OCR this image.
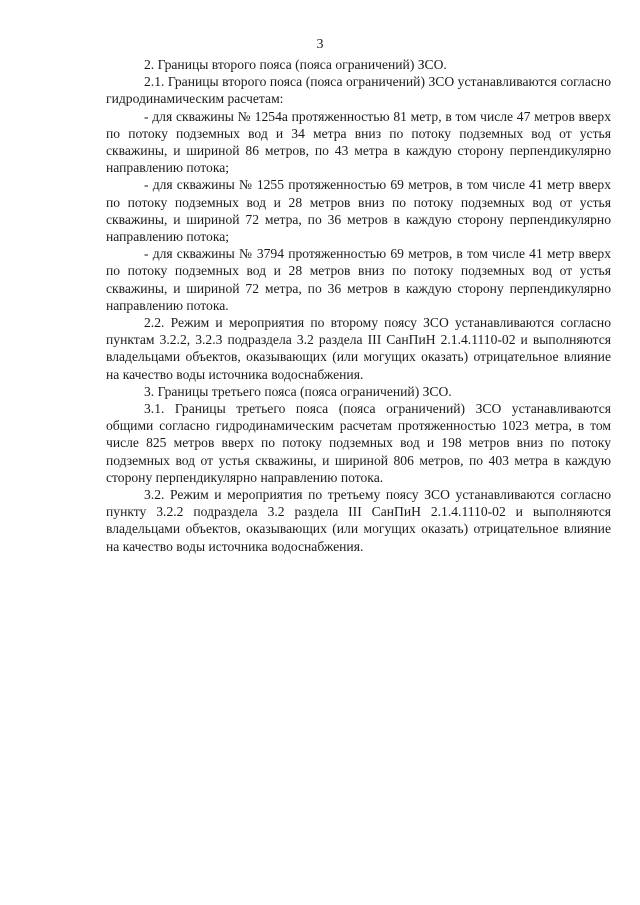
3

2. Границы второго пояса (пояса ограничений) ЗСО.

2.1. Границы второго пояса (пояса ограничений) ЗСО устанавливаются согласно гидродинамическим расчетам:

- для скважины № 1254а протяженностью 81 метр, в том числе 47 метров вверх по потоку подземных вод и 34 метра вниз по потоку подземных вод от устья скважины, и шириной 86 метров, по 43 метра в каждую сторону перпендикулярно направлению потока;

- для скважины № 1255 протяженностью 69 метров, в том числе 41 метр вверх по потоку подземных вод и 28 метров вниз по потоку подземных вод от устья скважины, и шириной 72 метра, по 36 метров в каждую сторону перпендикулярно направлению потока;

- для скважины № 3794 протяженностью 69 метров, в том числе 41 метр вверх по потоку подземных вод и 28 метров вниз по потоку подземных вод от устья скважины, и шириной 72 метра, по 36 метров в каждую сторону перпендикулярно направлению потока.

2.2. Режим и мероприятия по второму поясу ЗСО устанавливаются согласно пунктам 3.2.2, 3.2.3 подраздела 3.2 раздела III СанПиН 2.1.4.1110-02 и выполняются владельцами объектов, оказывающих (или могущих оказать) отрицательное влияние на качество воды источника водоснабжения.

3. Границы третьего пояса (пояса ограничений) ЗСО.

3.1. Границы третьего пояса (пояса ограничений) ЗСО устанавливаются общими согласно гидродинамическим расчетам протяженностью 1023 метра, в том числе 825 метров вверх по потоку подземных вод и 198 метров вниз по потоку подземных вод от устья скважины, и шириной 806 метров, по 403 метра в каждую сторону перпендикулярно направлению потока.

3.2. Режим и мероприятия по третьему поясу ЗСО устанавливаются согласно пункту 3.2.2 подраздела 3.2 раздела III СанПиН 2.1.4.1110-02 и выполняются владельцами объектов, оказывающих (или могущих оказать) отрицательное влияние на качество воды источника водоснабжения.
